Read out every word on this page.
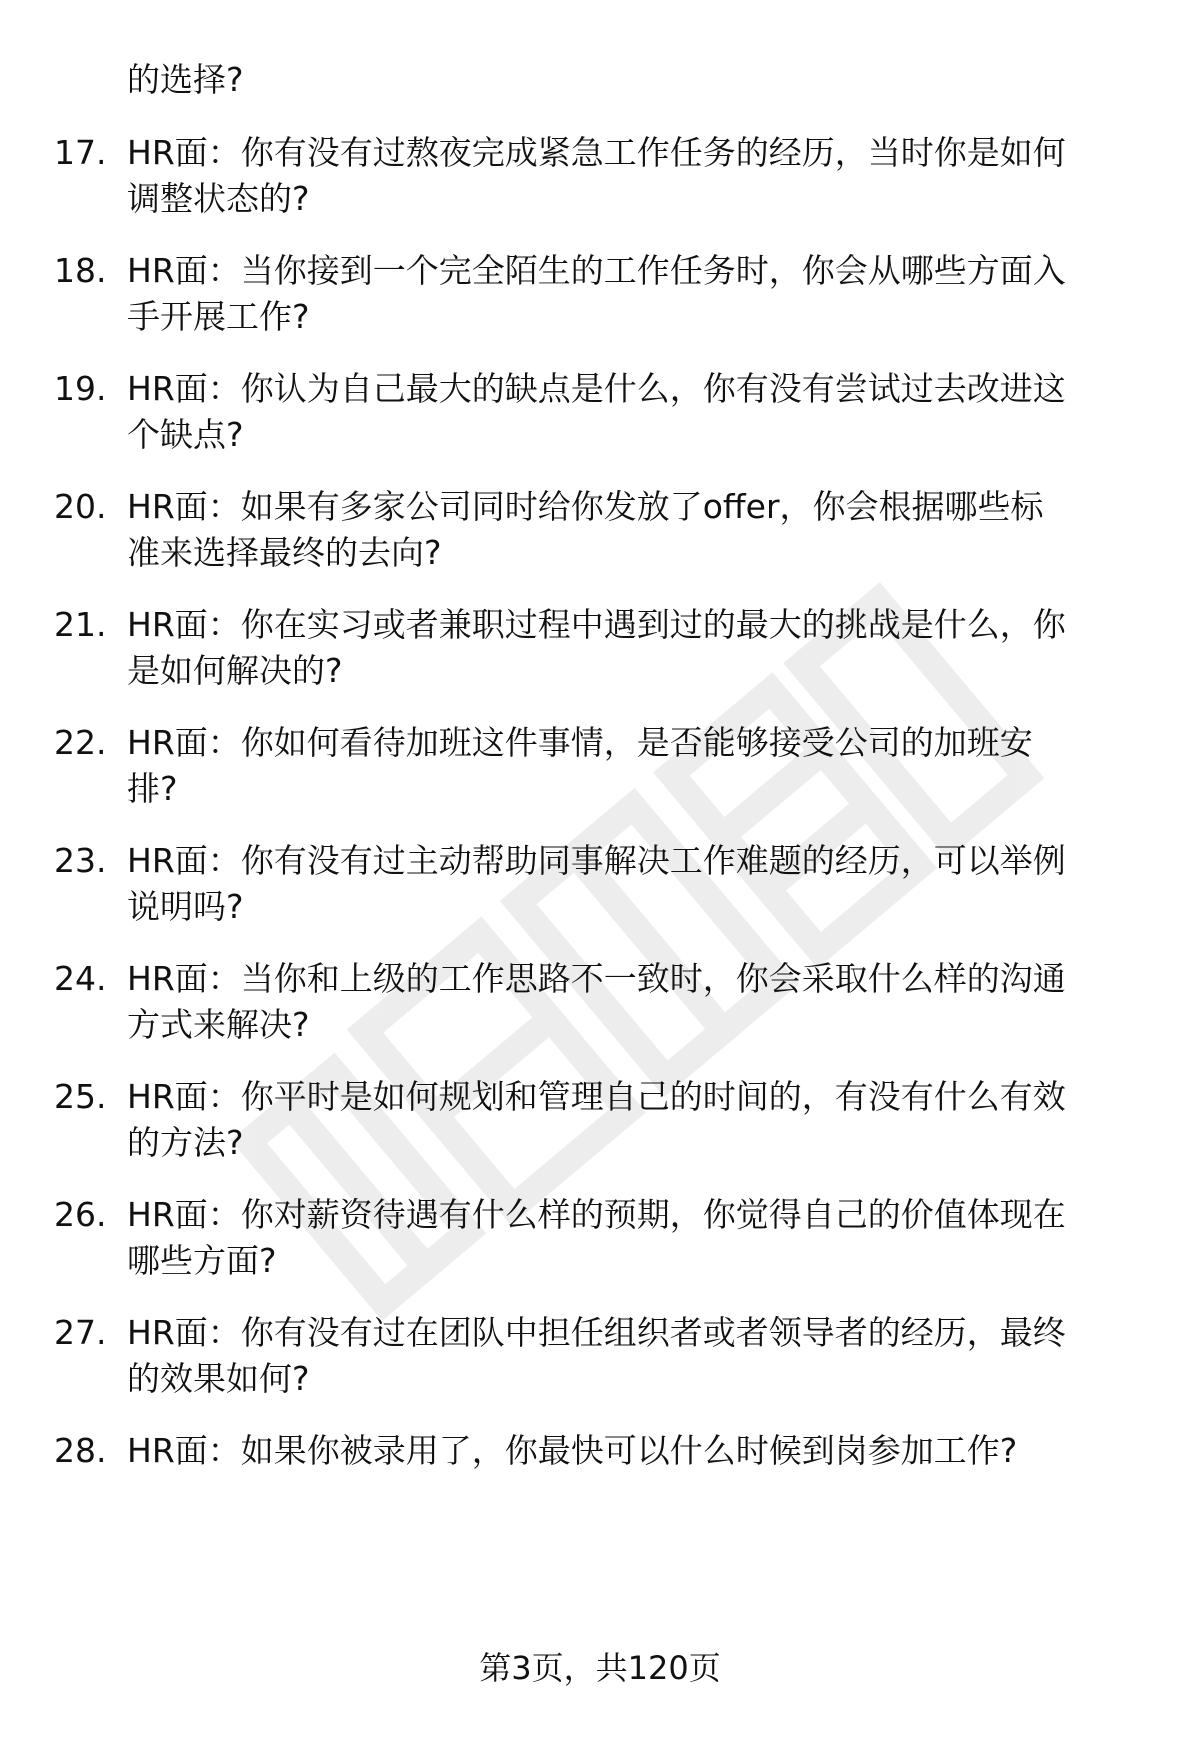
的选择?
17. HR面：你有没有过熬夜完成紧急工作任务的经历，当时你是如何
调整状态的?
18. HR面：当你接到一个完全陌生的工作任务时，你会从哪些方面入
手开展工作?
19. HR面：你认为自己最大的缺点是什么，你有没有尝试过去改进这
个缺点?
20. HR面：如果有多家公司同时给你发放了offer，你会根据哪些标
准来选择最终的去向?
21. HR面：你在实习或者兼职过程中遇到过的最大的挑战是什么，你
是如何解决的?
22. HR面：你如何看待加班这件事情，是否能够接受公司的加班安
排?
23. HR面：你有没有过主动帮助同事解决工作难题的经历，可以举例
说明吗?
24. HR面：当你和上级的工作思路不一致时，你会采取什么样的沟通
方式来解决?
25. HR面：你平时是如何规划和管理自己的时间的，有没有什么有效
的方法?
26. HR面：你对薪资待遇有什么样的预期，你觉得自己的价值体现在
哪些方面?
27. HR面：你有没有过在团队中担任组织者或者领导者的经历，最终
的效果如何?
28. HR面：如果你被录用了，你最快可以什么时候到岗参加工作?
第3页，共120页
